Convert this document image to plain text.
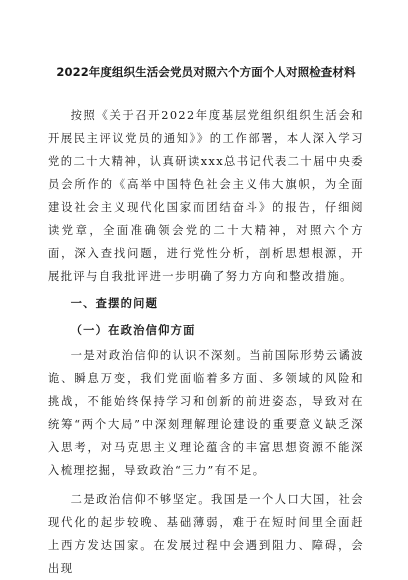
2022年度组织生活会党员对照六个方面个人对照检查材料

按照《关于召开2022年度基层党组织组织生活会和开展民主评议党员的通知》》的工作部署，本人深入学习党的二十大精神，认真研读xxx总书记代表二十届中央委员会所作的《高举中国特色社会主义伟大旗帜，为全面建设社会主义现代化国家而团结奋斗》的报告，仔细阅读党章，全面准确领会党的二十大精神，对照六个方面，深入查找问题，进行党性分析，剖析思想根源，开展批评与自我批评进一步明确了努力方向和整改措施。

一、查摆的问题
（一）在政治信仰方面

一是对政治信仰的认识不深刻。当前国际形势云谲波诡、瞬息万变，我们党面临着多方面、多领域的风险和挑战，不能始终保持学习和创新的前进姿态，导致对在统筹“两个大局”中深刻理解理论建设的重要意义缺乏深入思考，对马克思主义理论蕴含的丰富思想资源不能深入梳理挖掘，导致政治“三力”有不足。

二是政治信仰不够坚定。我国是一个人口大国，社会现代化的起步较晚、基础薄弱，难于在短时间里全面赶上西方发达国家。在发展过程中会遇到阻力、障碍，会出现
